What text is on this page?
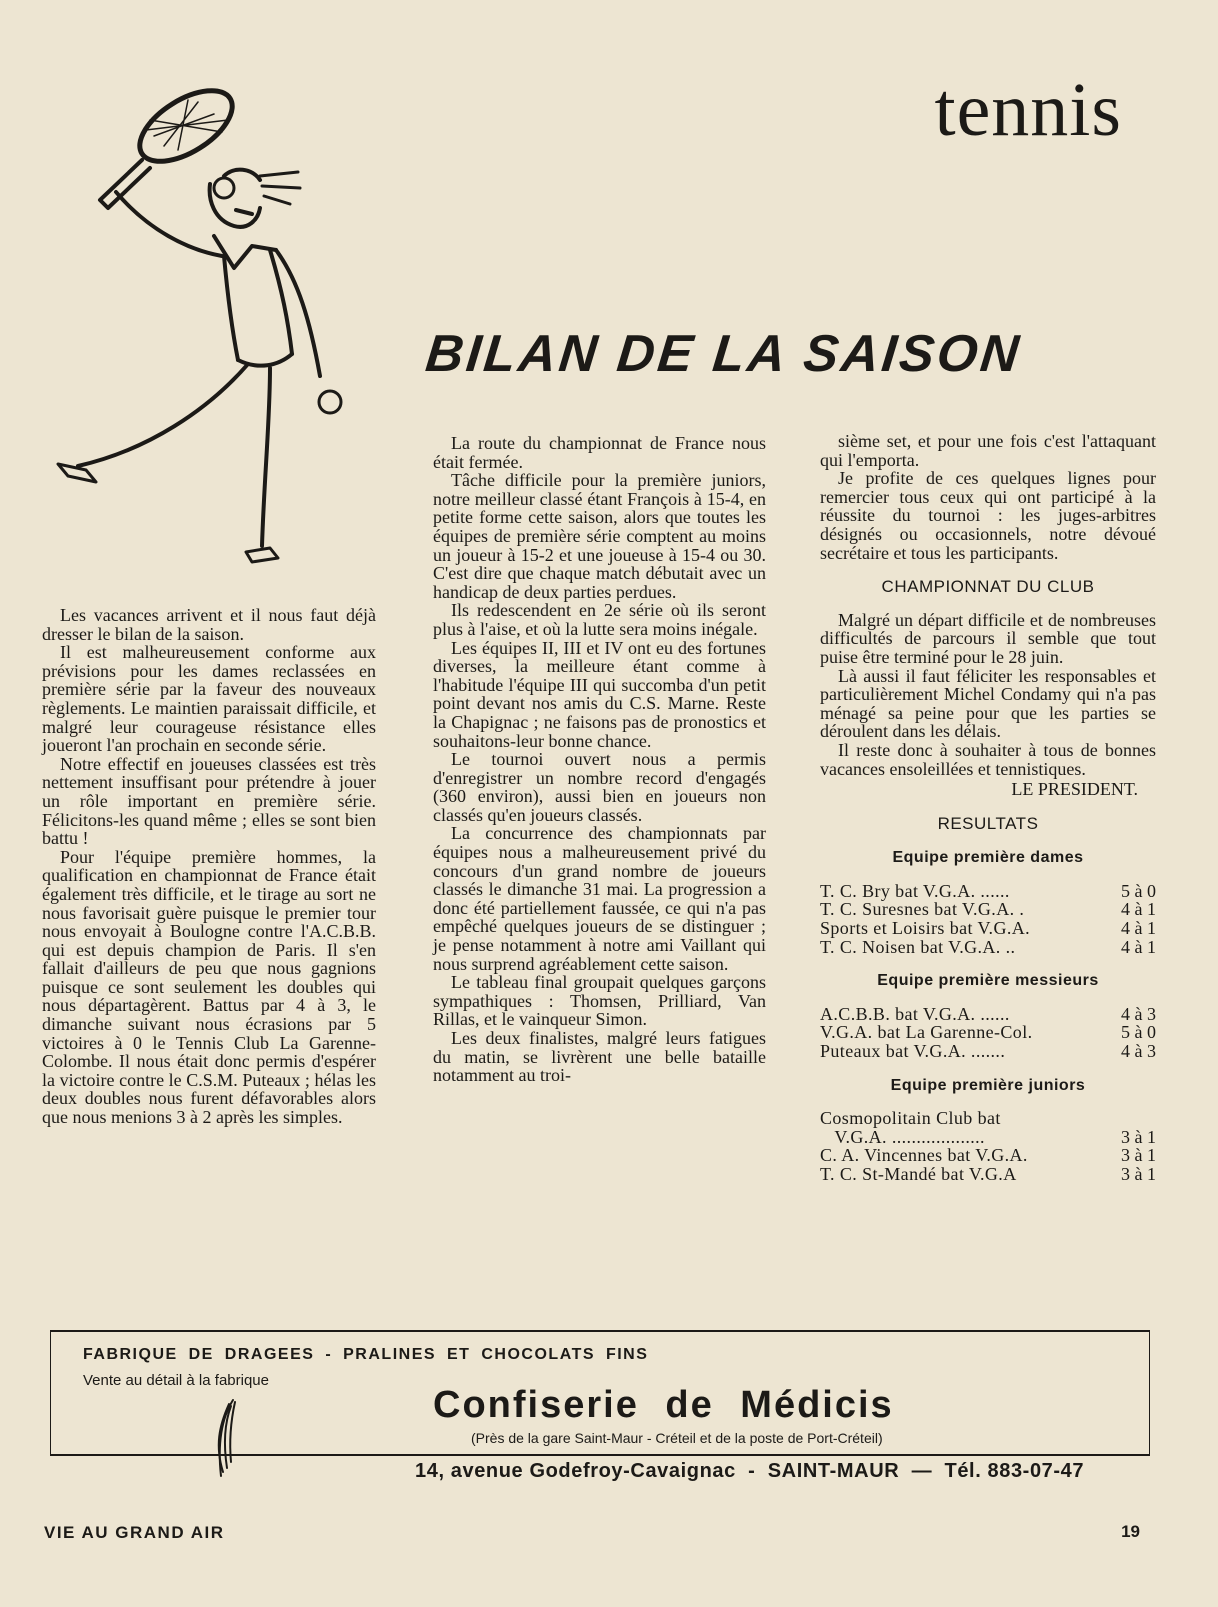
tennis
BILAN DE LA SAISON

Les vacances arrivent et il nous faut déjà dresser le bilan de la saison.

Il est malheureusement conforme aux prévisions pour les dames reclassées en première série par la faveur des nouveaux règlements. Le maintien paraissait difficile, et malgré leur courageuse résistance elles joueront l'an prochain en seconde série.

Notre effectif en joueuses classées est très nettement insuffisant pour prétendre à jouer un rôle important en première série. Félicitons-les quand même ; elles se sont bien battu !

Pour l'équipe première hommes, la qualification en championnat de France était également très difficile, et le tirage au sort ne nous favorisait guère puisque le premier tour nous envoyait à Boulogne contre l'A.C.B.B. qui est depuis champion de Paris. Il s'en fallait d'ailleurs de peu que nous gagnions puisque ce sont seulement les doubles qui nous départagèrent. Battus par 4 à 3, le dimanche suivant nous écrasions par 5 victoires à 0 le Tennis Club La Garenne-Colombe. Il nous était donc permis d'espérer la victoire contre le C.S.M. Puteaux ; hélas les deux doubles nous furent défavorables alors que nous menions 3 à 2 après les simples.

La route du championnat de France nous était fermée.

Tâche difficile pour la première juniors, notre meilleur classé étant François à 15-4, en petite forme cette saison, alors que toutes les équipes de première série comptent au moins un joueur à 15-2 et une joueuse à 15-4 ou 30. C'est dire que chaque match débutait avec un handicap de deux parties perdues.

Ils redescendent en 2e série où ils seront plus à l'aise, et où la lutte sera moins inégale.

Les équipes II, III et IV ont eu des fortunes diverses, la meilleure étant comme à l'habitude l'équipe III qui succomba d'un petit point devant nos amis du C.S. Marne. Reste la Chapignac ; ne faisons pas de pronostics et souhaitons-leur bonne chance.

Le tournoi ouvert nous a permis d'enregistrer un nombre record d'engagés (360 environ), aussi bien en joueurs non classés qu'en joueurs classés.

La concurrence des championnats par équipes nous a malheureusement privé du concours d'un grand nombre de joueurs classés le dimanche 31 mai. La progression a donc été partiellement faussée, ce qui n'a pas empêché quelques joueurs de se distinguer ; je pense notamment à notre ami Vaillant qui nous surprend agréablement cette saison.

Le tableau final groupait quelques garçons sympathiques : Thomsen, Prilliard, Van Rillas, et le vainqueur Simon.

Les deux finalistes, malgré leurs fatigues du matin, se livrèrent une belle bataille notamment au troi-

sième set, et pour une fois c'est l'attaquant qui l'emporta.

Je profite de ces quelques lignes pour remercier tous ceux qui ont participé à la réussite du tournoi : les juges-arbitres désignés ou occasionnels, notre dévoué secrétaire et tous les participants.

CHAMPIONNAT DU CLUB

Malgré un départ difficile et de nombreuses difficultés de parcours il semble que tout puise être terminé pour le 28 juin.

Là aussi il faut féliciter les responsables et particulièrement Michel Condamy qui n'a pas ménagé sa peine pour que les parties se déroulent dans les délais.

Il reste donc à souhaiter à tous de bonnes vacances ensoleillées et tennistiques.

LE PRESIDENT.
RESULTATS
Equipe première dames
T. C. Bry bat V.G.A. ......	5 à 0
T. C. Suresnes bat V.G.A. .	4 à 1
Sports et Loisirs bat V.G.A.	4 à 1
T. C. Noisen bat V.G.A. ..	4 à 1
Equipe première messieurs
A.C.B.B. bat V.G.A. ......	4 à 3
V.G.A. bat La Garenne-Col.	5 à 0
Puteaux bat V.G.A. .......	4 à 3
Equipe première juniors
Cosmopolitain Club bat
V.G.A. ...................	3 à 1
C. A. Vincennes bat V.G.A.	3 à 1
T. C. St-Mandé bat V.G.A	3 à 1
FABRIQUE DE DRAGEES - PRALINES ET CHOCOLATS FINS
Vente au détail à la fabrique
Confiserie de Médicis
(Près de la gare Saint-Maur - Créteil et de la poste de Port-Créteil)
14, avenue Godefroy-Cavaignac  -  SAINT-MAUR  —  Tél. 883-07-47
VIE AU GRAND AIR	19
